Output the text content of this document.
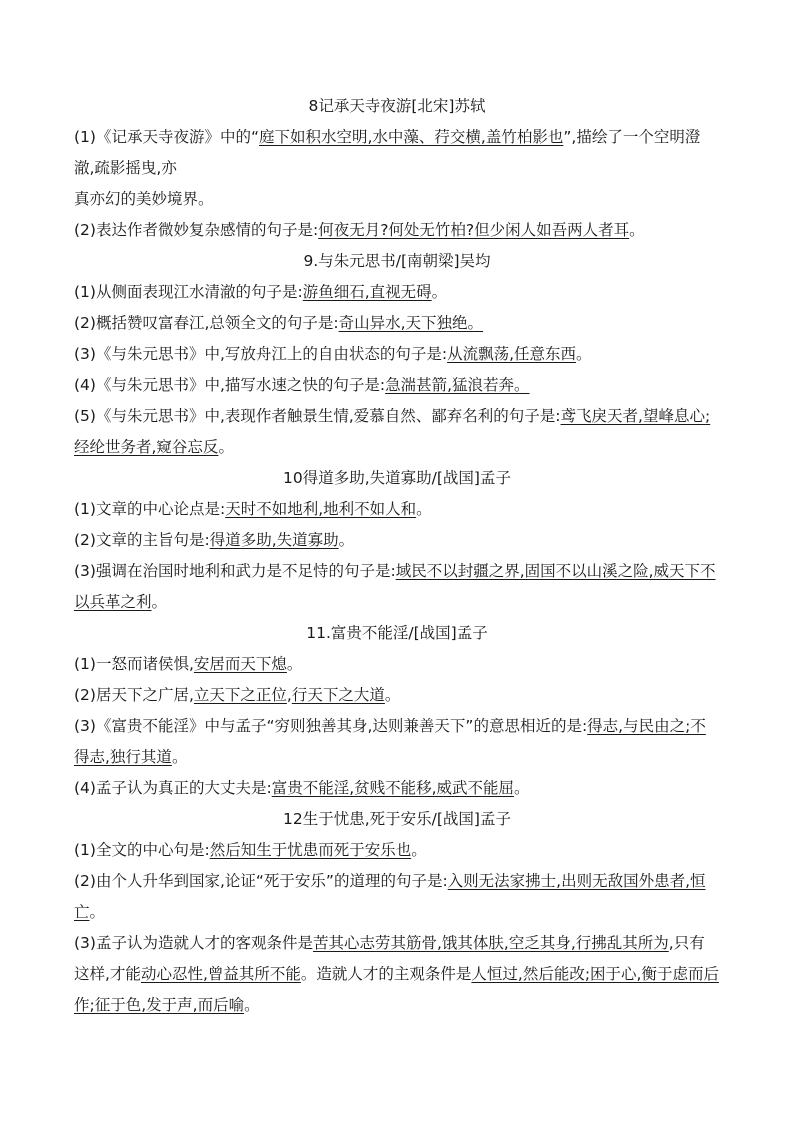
8记承天寺夜游[北宋]苏轼
(1)《记承天寺夜游》中的“庭下如积水空明,水中藻、荇交横,盖竹柏影也”,描绘了一个空明澄澈,疏影摇曳,亦
真亦幻的美妙境界。
(2)表达作者微妙复杂感情的句子是:何夜无月?何处无竹柏?但少闲人如吾两人者耳。
9.与朱元思书/[南朝梁]吴均
(1)从侧面表现江水清澈的句子是:游鱼细石,直视无碍。
(2)概括赞叹富春江,总领全文的句子是:奇山异水,天下独绝。
(3)《与朱元思书》中,写放舟江上的自由状态的句子是:从流飘荡,任意东西。
(4)《与朱元思书》中,描写水速之快的句子是:急湍甚箭,猛浪若奔。
(5)《与朱元思书》中,表现作者触景生情,爱慕自然、鄙弃名利的句子是:鸢飞戾天者,望峰息心;经纶世务者,窥谷忘反。
10得道多助,失道寡助/[战国]孟子
(1)文章的中心论点是:天时不如地利,地利不如人和。
(2)文章的主旨句是:得道多助,失道寡助。
(3)强调在治国时地利和武力是不足恃的句子是:域民不以封疆之界,固国不以山溪之险,威天下不以兵革之利。
11.富贵不能淫/[战国]孟子
(1)一怒而诸侯惧,安居而天下熄。
(2)居天下之广居,立天下之正位,行天下之大道。
(3)《富贵不能淫》中与孟子“穷则独善其身,达则兼善天下”的意思相近的是:得志,与民由之;不得志,独行其道。
(4)孟子认为真正的大丈夫是:富贵不能淫,贫贱不能移,威武不能屈。
12生于忧患,死于安乐/[战国]孟子
(1)全文的中心句是:然后知生于忧患而死于安乐也。
(2)由个人升华到国家,论证“死于安乐”的道理的句子是:入则无法家拂士,出则无敌国外患者,恒亡。
(3)孟子认为造就人才的客观条件是苦其心志劳其筋骨,饿其体肤,空乏其身,行拂乱其所为,只有这样,才能动心忍性,曾益其所不能。造就人才的主观条件是人恒过,然后能改;困于心,衡于虑而后作;征于色,发于声,而后喻。
